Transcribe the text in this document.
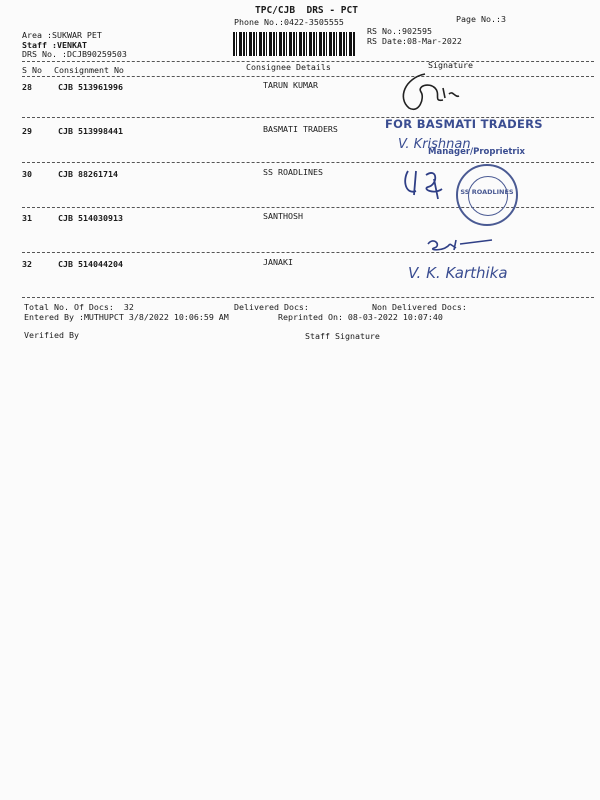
TPC/CJB  DRS - PCT
Phone No.:0422-3505555	Page No.:3
Area :SUKWAR PET
Staff :VENKAT
DRS No. :DCJB90259503
RS No.:902595
RS Date:08-Mar-2022
S No Consignment No	Consignee Details	Signature
28	CJB 513961996	TARUN KUMAR
29	CJB 513998441	BASMATI TRADERS
30	CJB 88261714	SS ROADLINES
31	CJB 514030913	SANTHOSH
32	CJB 514044204	JANAKI
FOR BASMATI TRADERS
V. Krishnan
Manager/Proprietrix
SS ROADLINES
V. K. Karthika
Total No. Of Docs:  32	Delivered Docs:	Non Delivered Docs:
Entered By :MUTHUPCT 3/8/2022 10:06:59 AM	Reprinted On: 08-03-2022 10:07:40
Verified By	Staff Signature
